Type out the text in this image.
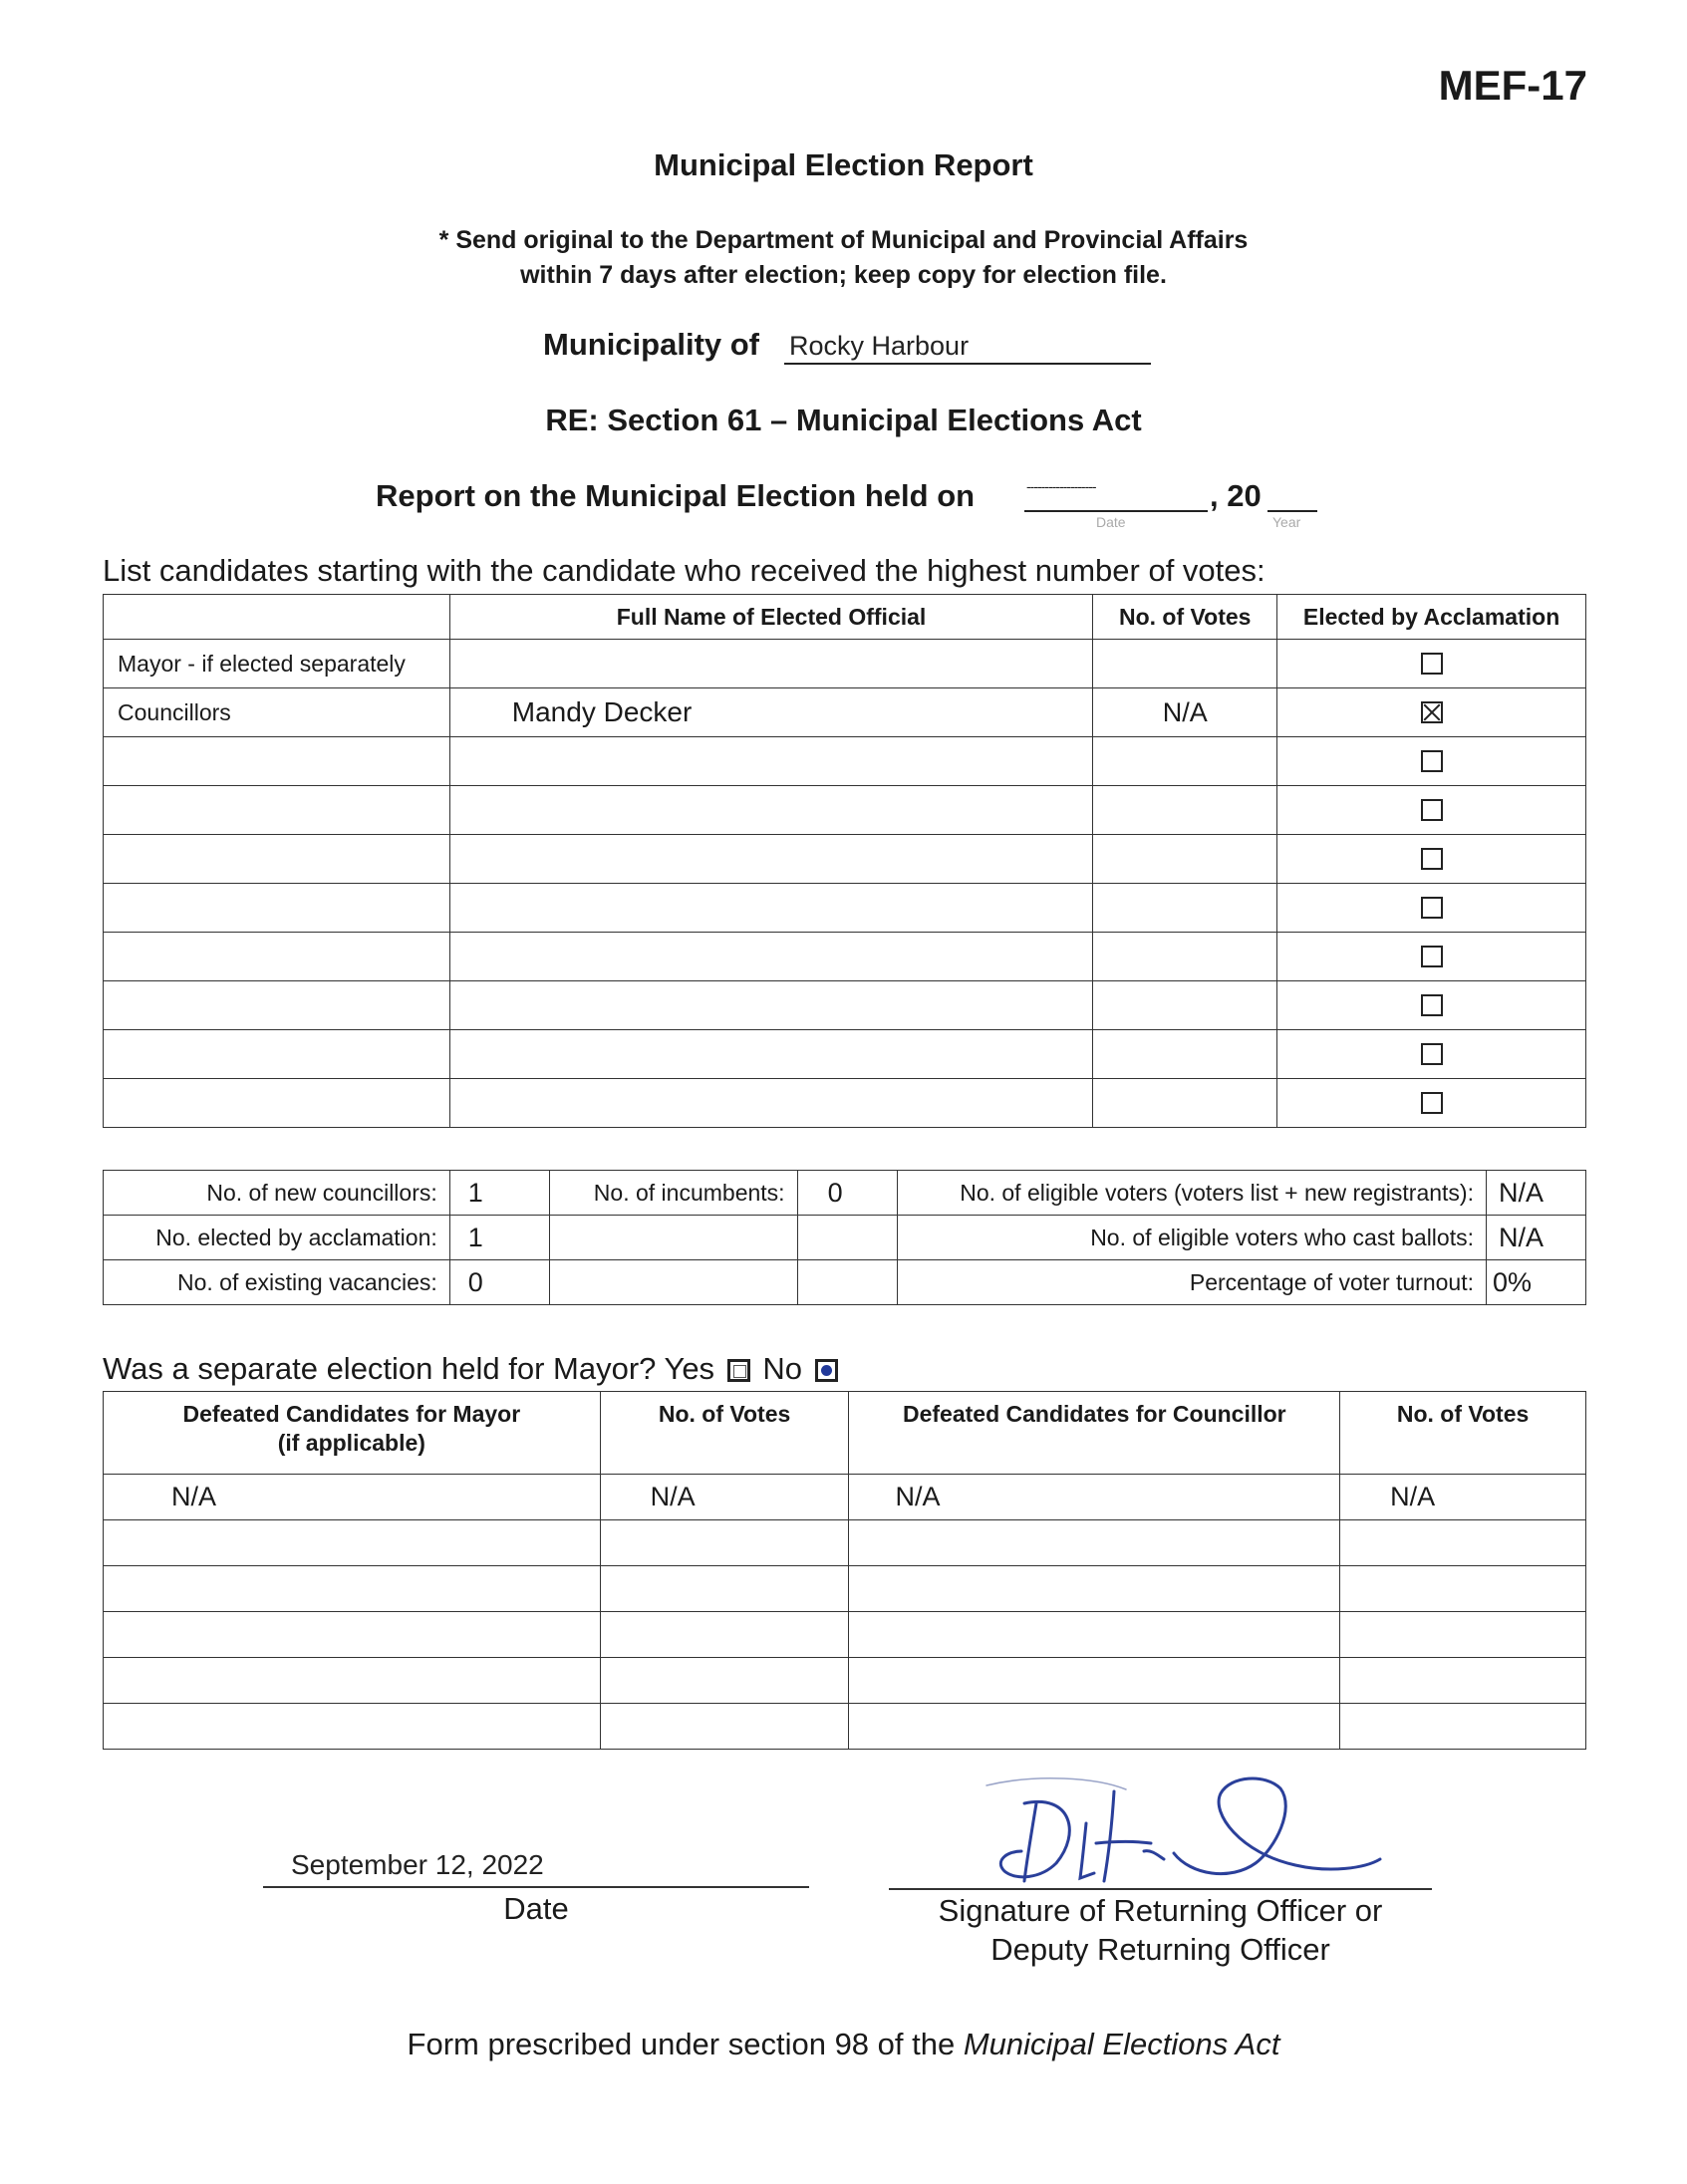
MEF-17
Municipal Election Report
* Send original to the Department of Municipal and Provincial Affairs
within 7 days after election; keep copy for election file.
Municipality of Rocky Harbour
RE: Section 61 – Municipal Elections Act
Report on the Municipal Election held on	-------------------	, 20
Date	Year
List candidates starting with the candidate who received the highest number of votes:
	Full Name of Elected Official	No. of Votes	Elected by Acclamation
Mayor - if elected separately			
Councillors	Mandy Decker	N/A	

No. of new councillors:	1	No. of incumbents:	0	No. of eligible voters (voters list + new registrants):	N/A
No. elected by acclamation:	1			No. of eligible voters who cast ballots:	N/A
No. of existing vacancies:	0			Percentage of voter turnout:	0%
Was a separate election held for Mayor? Yes No
Defeated Candidates for Mayor
(if applicable)	No. of Votes	Defeated Candidates for Councillor	No. of Votes
N/A	N/A	N/A	N/A

September 12, 2022
Date	Signature of Returning Officer or
Deputy Returning Officer
Form prescribed under section 98 of the Municipal Elections Act
